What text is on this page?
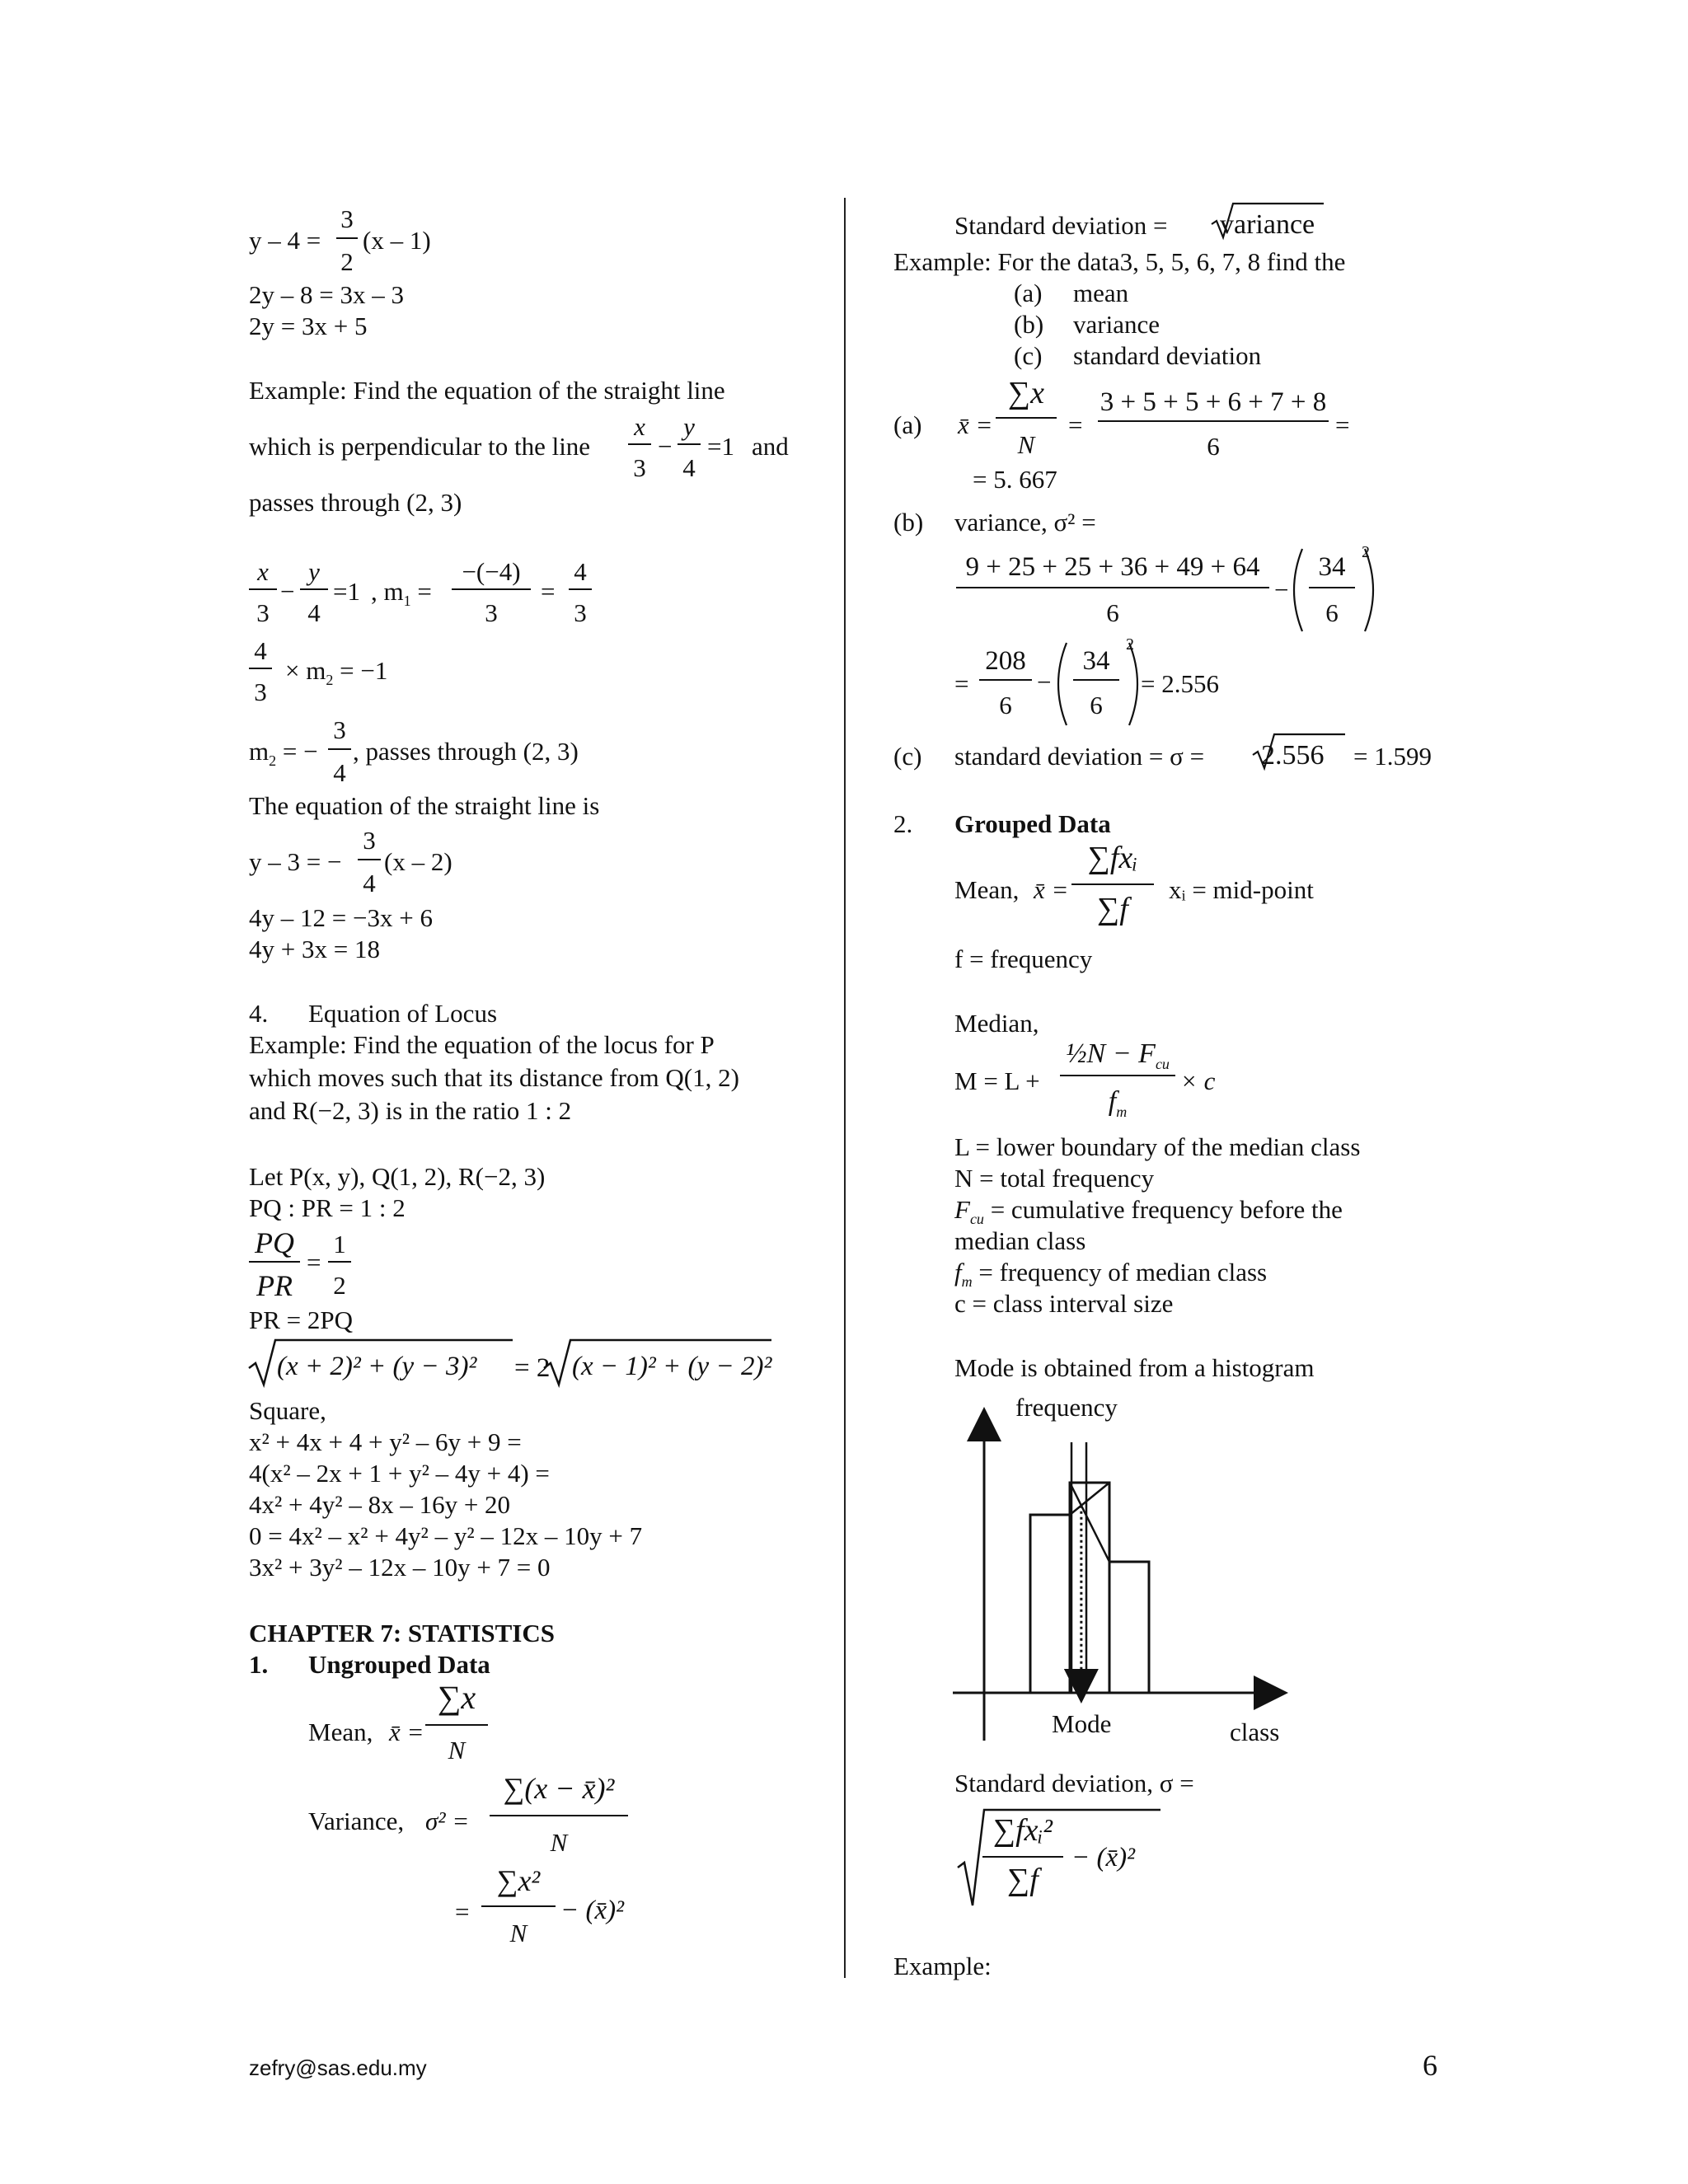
y – 4 =
3
2
(x – 1)
2y – 8 = 3x – 3
2y = 3x + 5
Example: Find the equation of the straight line
which is perpendicular to the line
x
3
−
y
4
=1 and
passes through (2, 3)
x
3
−
y
4
=1 , $m_1$ =
−(−4)
3
=
4
3
4
3
× $m_2 = -1$
$m_2$ = −
3
4
, passes through (2, 3)
The equation of the straight line is
y – 3 = −
3
4
(x – 2)
4y – 12 = −3x + 6
4y + 3x = 18
4. Equation of Locus
Example: Find the equation of the locus for P
which moves such that its distance from Q(1, 2)
and R(−2, 3) is in the ratio 1 : 2
Let P(x, y), Q(1, 2), R(−2, 3)
PQ : PR = 1 : 2
PQ
PR
=
1
2
PR = 2PQ
(x + 2)² + (y − 3)² = 2 (x − 1)² + (y − 2)²
Square,
x² + 4x + 4 + y² – 6y + 9 =
4(x² – 2x + 1 + y² – 4y + 4) =
4x² + 4y² – 8x – 16y + 20
0 = 4x² – x² + 4y² – y² – 12x – 10y + 7
3x² + 3y² – 12x – 10y + 7 = 0
CHAPTER 7: STATISTICS
1. Ungrouped Data
Mean, x̄ =
∑x
N
Variance, σ² =
∑(x − x̄)²
N
=
∑x²
N
− (x̄)²
Standard deviation = variance
Example: For the data3, 5, 5, 6, 7, 8 find the
(a) mean
(b) variance
(c) standard deviation
(a) x̄ =
∑x
N
=
3 + 5 + 5 + 6 + 7 + 8
6
=
= 5. 667
(b) variance, σ² =
9 + 25 + 25 + 36 + 49 + 64
6
−
34
6
2
=
208
6
−
34
6
2
= 2.556
(c) standard deviation = σ = 2.556 = 1.599
2. Grouped Data
Mean, x̄ =
∑fxᵢ
∑f
xᵢ = mid-point
f = frequency
Median,
M = L +
½N − $F_{cu}$
$f_m$
× c
L = lower boundary of the median class
N = total frequency
$F_{cu}$ = cumulative frequency before the
median class
$f_m$ = frequency of median class
c = class interval size
Mode is obtained from a histogram
frequency
Mode	class
Standard deviation, σ =
∑fxᵢ²
∑f
− (x̄)²
Example:
zefry@sas.edu.my	6
